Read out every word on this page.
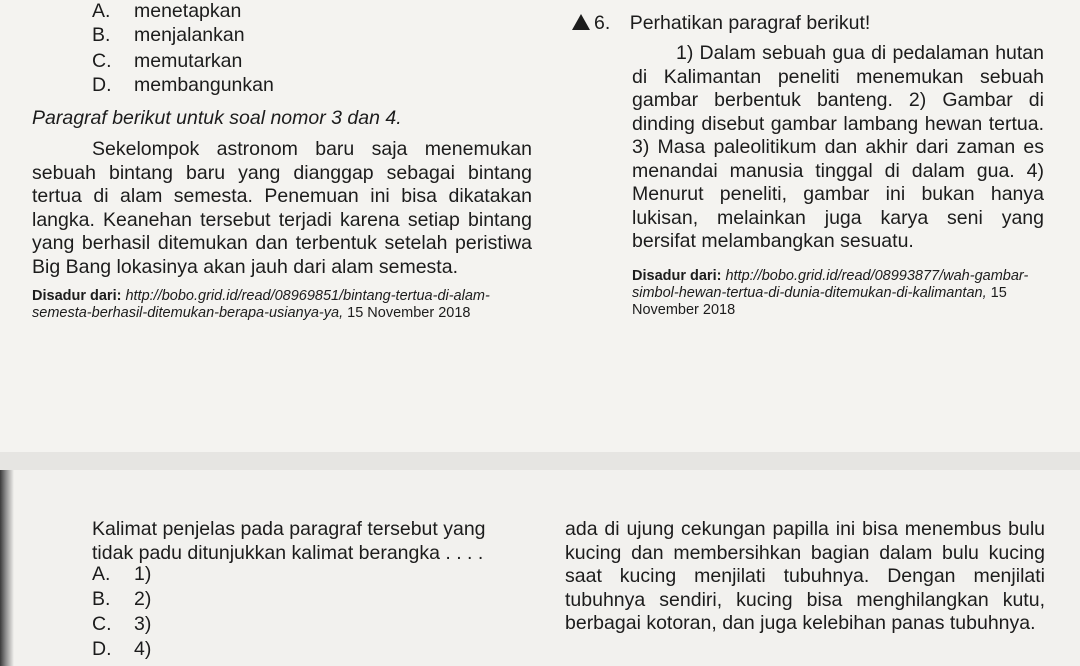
A. menetapkan
B. menjalankan
C. memutarkan
D. membangunkan
Paragraf berikut untuk soal nomor 3 dan 4.

Sekelompok astronom baru saja menemukan sebuah bintang baru yang dianggap sebagai bintang tertua di alam semesta. Penemuan ini bisa dikatakan langka. Keanehan tersebut terjadi karena setiap bintang yang berhasil ditemukan dan terbentuk setelah peristiwa Big Bang lokasinya akan jauh dari alam semesta.

Disadur dari: http://bobo.grid.id/read/08969851/bintang-tertua-di-alam-semesta-berhasil-ditemukan-berapa-usianya-ya, 15 November 2018
6. Perhatikan paragraf berikut!

1) Dalam sebuah gua di pedalaman hutan di Kalimantan peneliti menemukan sebuah gambar berbentuk banteng. 2) Gambar di dinding disebut gambar lambang hewan tertua. 3) Masa paleolitikum dan akhir dari zaman es menandai manusia tinggal di dalam gua. 4) Menurut peneliti, gambar ini bukan hanya lukisan, melainkan juga karya seni yang bersifat melambangkan sesuatu.

Disadur dari: http://bobo.grid.id/read/08993877/wah-gambar-simbol-hewan-tertua-di-dunia-ditemukan-di-kalimantan, 15 November 2018
Kalimat penjelas pada paragraf tersebut yang tidak padu ditunjukkan kalimat berangka . . . .
A. 1)
B. 2)
C. 3)
D. 4)

ada di ujung cekungan papilla ini bisa menembus bulu kucing dan membersihkan bagian dalam bulu kucing saat kucing menjilati tubuhnya. Dengan menjilati tubuhnya sendiri, kucing bisa menghilangkan kutu, berbagai kotoran, dan juga kelebihan panas tubuhnya.
